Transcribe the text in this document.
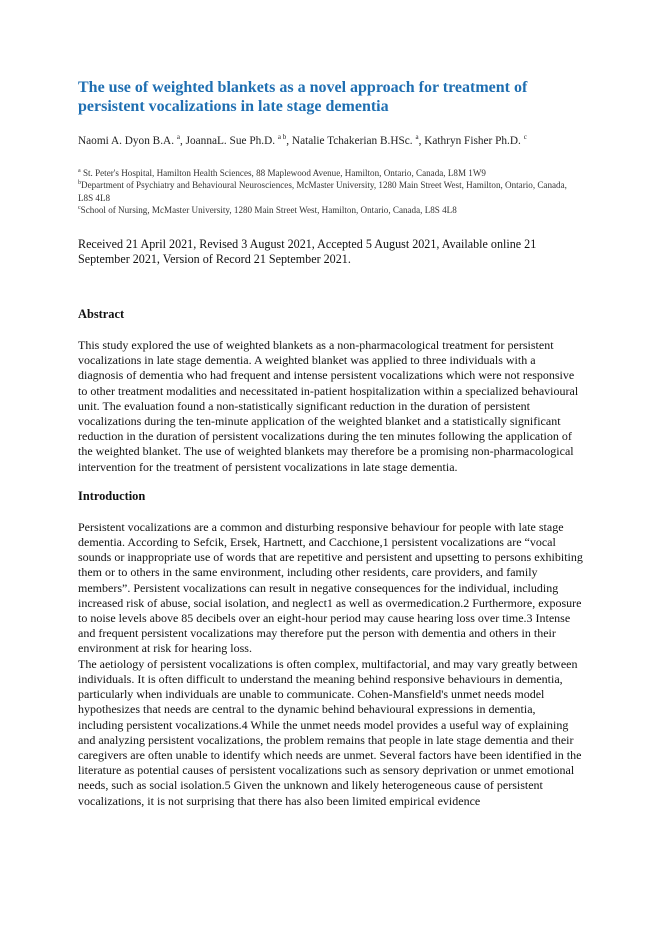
The use of weighted blankets as a novel approach for treatment of persistent vocalizations in late stage dementia
Naomi A. Dyon B.A. $^a$, JoannaL. Sue Ph.D. $^{a b}$, Natalie Tchakerian B.HSc. $^a$, Kathryn Fisher Ph.D. $^c$
$^a$ St. Peter's Hospital, Hamilton Health Sciences, 88 Maplewood Avenue, Hamilton, Ontario, Canada, L8M 1W9
$^b$Department of Psychiatry and Behavioural Neurosciences, McMaster University, 1280 Main Street West, Hamilton, Ontario, Canada, L8S 4L8
$^c$School of Nursing, McMaster University, 1280 Main Street West, Hamilton, Ontario, Canada, L8S 4L8

Received 21 April 2021, Revised 3 August 2021, Accepted 5 August 2021, Available online 21 September 2021, Version of Record 21 September 2021.

Abstract

This study explored the use of weighted blankets as a non-pharmacological treatment for persistent vocalizations in late stage dementia. A weighted blanket was applied to three individuals with a diagnosis of dementia who had frequent and intense persistent vocalizations which were not responsive to other treatment modalities and necessitated in-patient hospitalization within a specialized behavioural unit. The evaluation found a non-statistically significant reduction in the duration of persistent vocalizations during the ten-minute application of the weighted blanket and a statistically significant reduction in the duration of persistent vocalizations during the ten minutes following the application of the weighted blanket. The use of weighted blankets may therefore be a promising non-pharmacological intervention for the treatment of persistent vocalizations in late stage dementia.

Introduction

Persistent vocalizations are a common and disturbing responsive behaviour for people with late stage dementia. According to Sefcik, Ersek, Hartnett, and Cacchione,1 persistent vocalizations are “vocal sounds or inappropriate use of words that are repetitive and persistent and upsetting to persons exhibiting them or to others in the same environment, including other residents, care providers, and family members”. Persistent vocalizations can result in negative consequences for the individual, including increased risk of abuse, social isolation, and neglect1 as well as overmedication.2 Furthermore, exposure to noise levels above 85 decibels over an eight-hour period may cause hearing loss over time.3 Intense and frequent persistent vocalizations may therefore put the person with dementia and others in their environment at risk for hearing loss.

The aetiology of persistent vocalizations is often complex, multifactorial, and may vary greatly between individuals. It is often difficult to understand the meaning behind responsive behaviours in dementia, particularly when individuals are unable to communicate. Cohen-Mansfield's unmet needs model hypothesizes that needs are central to the dynamic behind behavioural expressions in dementia, including persistent vocalizations.4 While the unmet needs model provides a useful way of explaining and analyzing persistent vocalizations, the problem remains that people in late stage dementia and their caregivers are often unable to identify which needs are unmet. Several factors have been identified in the literature as potential causes of persistent vocalizations such as sensory deprivation or unmet emotional needs, such as social isolation.5 Given the unknown and likely heterogeneous cause of persistent vocalizations, it is not surprising that there has also been limited empirical evidence
